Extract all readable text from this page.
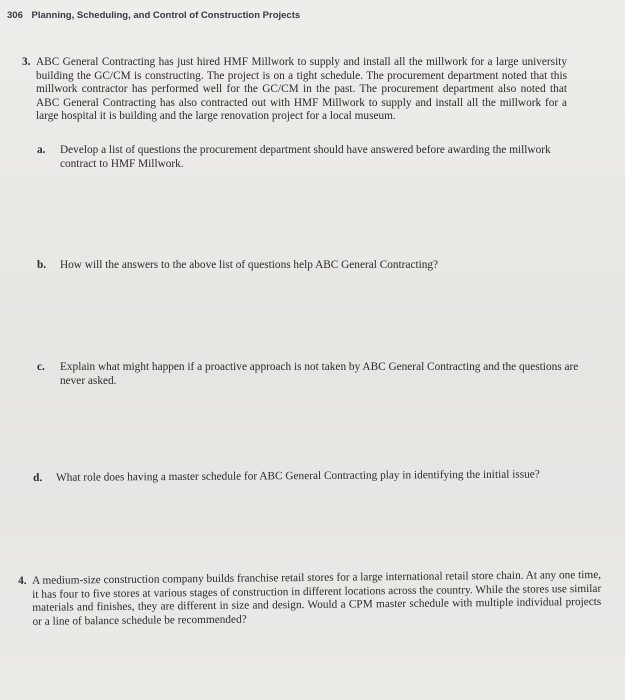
306 Planning, Scheduling, and Control of Construction Projects
3. ABC General Contracting has just hired HMF Millwork to supply and install all the millwork for a large university building the GC/CM is constructing. The project is on a tight schedule. The procurement department noted that this millwork contractor has performed well for the GC/CM in the past. The procurement department also noted that ABC General Contracting has also contracted out with HMF Millwork to supply and install all the millwork for a large hospital it is building and the large renovation project for a local museum.
a. Develop a list of questions the procurement department should have answered before awarding the millwork contract to HMF Millwork.
b. How will the answers to the above list of questions help ABC General Contracting?
c. Explain what might happen if a proactive approach is not taken by ABC General Contracting and the questions are never asked.
d. What role does having a master schedule for ABC General Contracting play in identifying the initial issue?
4. A medium-size construction company builds franchise retail stores for a large international retail store chain. At any one time, it has four to five stores at various stages of construction in different locations across the country. While the stores use similar materials and finishes, they are different in size and design. Would a CPM master schedule with multiple individual projects or a line of balance schedule be recommended?
